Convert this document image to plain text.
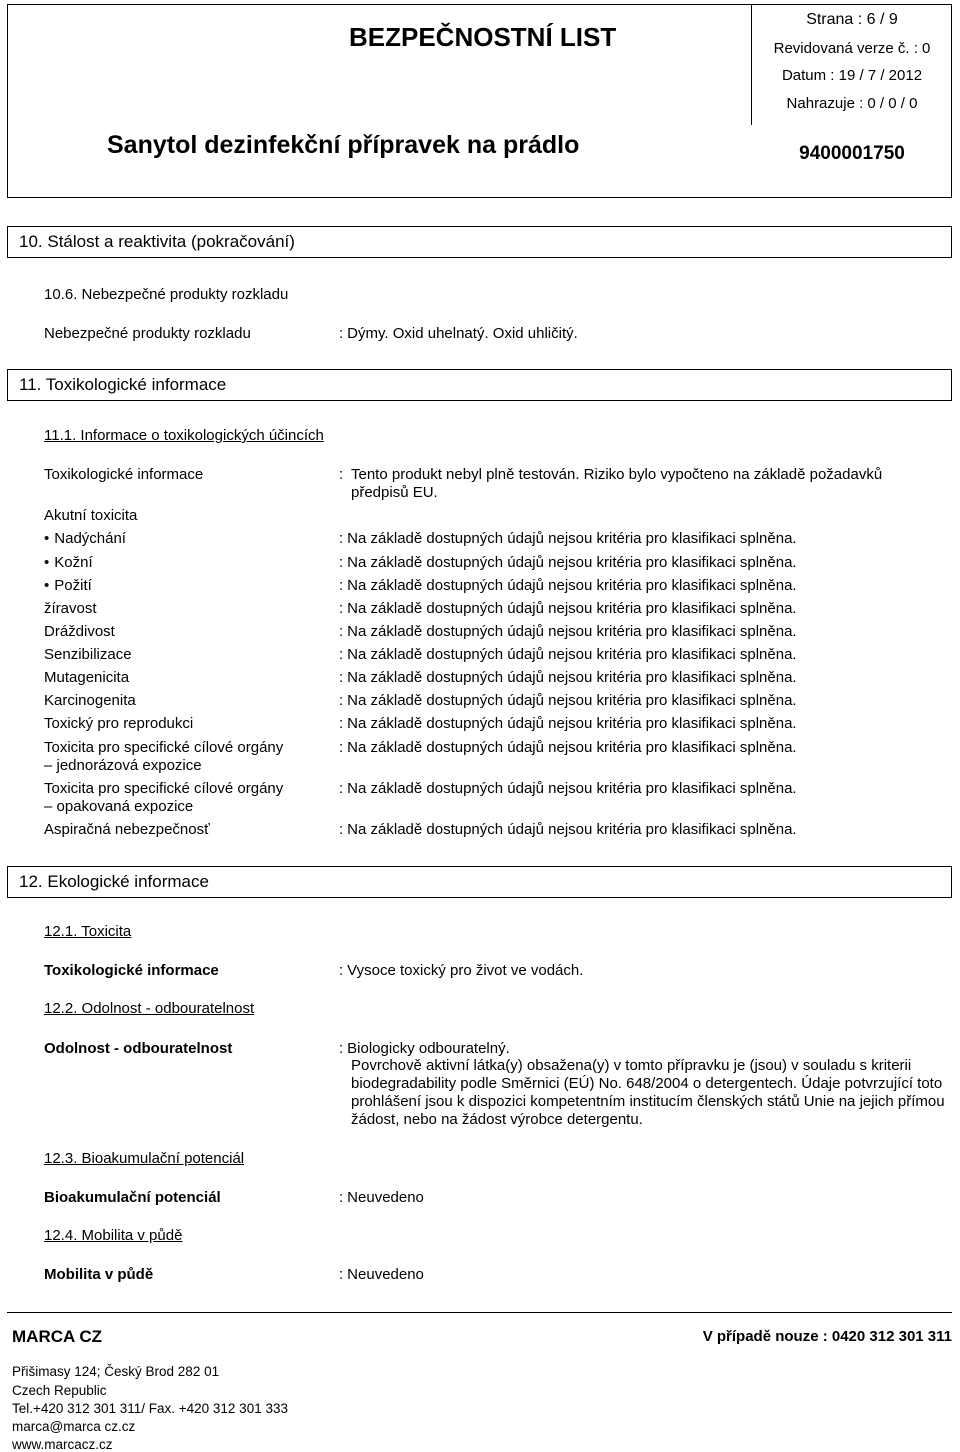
BEZPEČNOSTNÍ LIST
Sanytol dezinfekční přípravek na prádlo
Strana : 6 / 9
Revidovaná verze č. : 0
Datum : 19 / 7 / 2012
Nahrazuje : 0 / 0 / 0
9400001750
10. Stálost a reaktivita (pokračování)
10.6. Nebezpečné produkty rozkladu
Nebezpečné produkty rozkladu	: Dýmy. Oxid uhelnatý. Oxid uhličitý.
11. Toxikologické informace
11.1. Informace o toxikologických účincích
Toxikologické informace	: Tento produkt nebyl plně testován. Riziko bylo vypočteno na základě požadavků předpisů EU.
Akutní toxicita
• Nadýchání	: Na základě dostupných údajů nejsou kritéria pro klasifikaci splněna.
• Kožní	: Na základě dostupných údajů nejsou kritéria pro klasifikaci splněna.
• Požití	: Na základě dostupných údajů nejsou kritéria pro klasifikaci splněna.
žíravost	: Na základě dostupných údajů nejsou kritéria pro klasifikaci splněna.
Dráždivost	: Na základě dostupných údajů nejsou kritéria pro klasifikaci splněna.
Senzibilizace	: Na základě dostupných údajů nejsou kritéria pro klasifikaci splněna.
Mutagenicita	: Na základě dostupných údajů nejsou kritéria pro klasifikaci splněna.
Karcinogenita	: Na základě dostupných údajů nejsou kritéria pro klasifikaci splněna.
Toxický pro reprodukci	: Na základě dostupných údajů nejsou kritéria pro klasifikaci splněna.
Toxicita pro specifické cílové orgány
– jednorázová expozice
: Na základě dostupných údajů nejsou kritéria pro klasifikaci splněna.
Toxicita pro specifické cílové orgány
– opakovaná expozice
: Na základě dostupných údajů nejsou kritéria pro klasifikaci splněna.
Aspiračná nebezpečnosť	: Na základě dostupných údajů nejsou kritéria pro klasifikaci splněna.
12. Ekologické informace
12.1. Toxicita
Toxikologické informace	: Vysoce toxický pro život ve vodách.
12.2. Odolnost - odbouratelnost
Odolnost - odbouratelnost	: Biologicky odbouratelný.
Povrchově aktivní látka(y) obsažena(y) v tomto přípravku je (jsou) v souladu s kriterii biodegradability podle Směrnici (EÚ) No. 648/2004 o detergentech. Údaje potvrzující toto prohlášení jsou k dispozici kompetentním institucím členských států Unie na jejich přímou žádost, nebo na žádost výrobce detergentu.
12.3. Bioakumulační potenciál
Bioakumulační potenciál	: Neuvedeno
12.4. Mobilita v půdě
Mobilita v půdě	: Neuvedeno
MARCA CZ	V případě nouze : 0420 312 301 311
Přišimasy 124; Český Brod 282 01
Czech Republic
Tel.+420 312 301 311/ Fax. +420 312 301 333
marca@marca cz.cz
www.marcacz.cz
